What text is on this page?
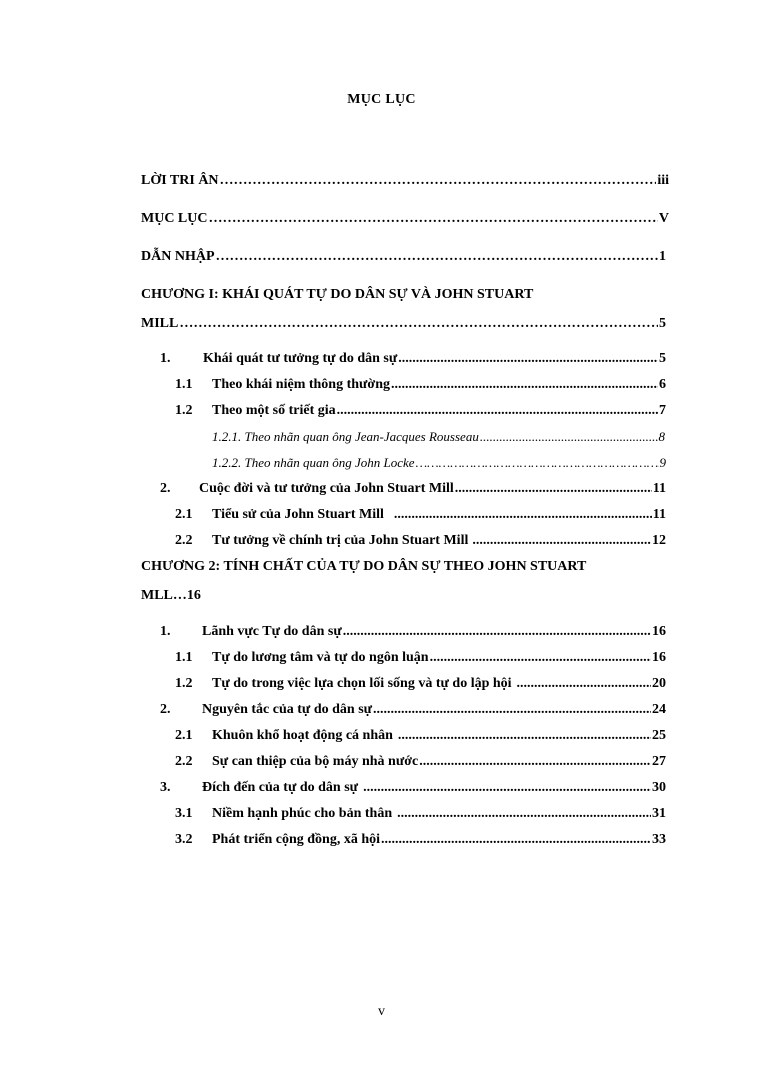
MỤC LỤC
LỜI TRI ÂN ………………………………………………………………………………………………………………………………………………………………………………	iii
MỤC LỤC ………………………………………………………………………………………………………………………………………………………………………………	V
DẪN NHẬP ………………………………………………………………………………………………………………………………………………………………………………	1
CHƯƠNG I: KHÁI QUÁT TỰ DO DÂN SỰ VÀ JOHN STUART
MILL ………………………………………………………………………………………………………………………………………………………………………………	5
1.	Khái quát tư tưởng tự do dân sự .....	5
1.1	Theo khái niệm thông thường .....	6
1.2	Theo một số triết gia .....	7
1.2.1. Theo nhãn quan ông Jean-Jacques Rousseau .....	8
1.2.2. Theo nhãn quan ông John Locke ………………………………………………………………………………………………………………………………………………………………………………	9
2.	Cuộc đời và tư tưởng của John Stuart Mill .....	11
2.1	Tiểu sử của John Stuart Mill .....	11
2.2	Tư tưởng về chính trị của John Stuart Mill .....	12
CHƯƠNG 2: TÍNH CHẤT CỦA TỰ DO DÂN SỰ THEO JOHN STUART
MLL…16
1.	Lãnh vực Tự do dân sự .....	16
1.1	Tự do lương tâm và tự do ngôn luận .....	16
1.2	Tự do trong việc lựa chọn lối sống và tự do lập hội .....	20
2.	Nguyên tắc của tự do dân sự .....	24
2.1	Khuôn khổ hoạt động cá nhân .....	25
2.2	Sự can thiệp của bộ máy nhà nước .....	27
3.	Đích đến của tự do dân sự .....	30
3.1	Niềm hạnh phúc cho bản thân .....	31
3.2	Phát triển cộng đồng, xã hội .....	33
v
